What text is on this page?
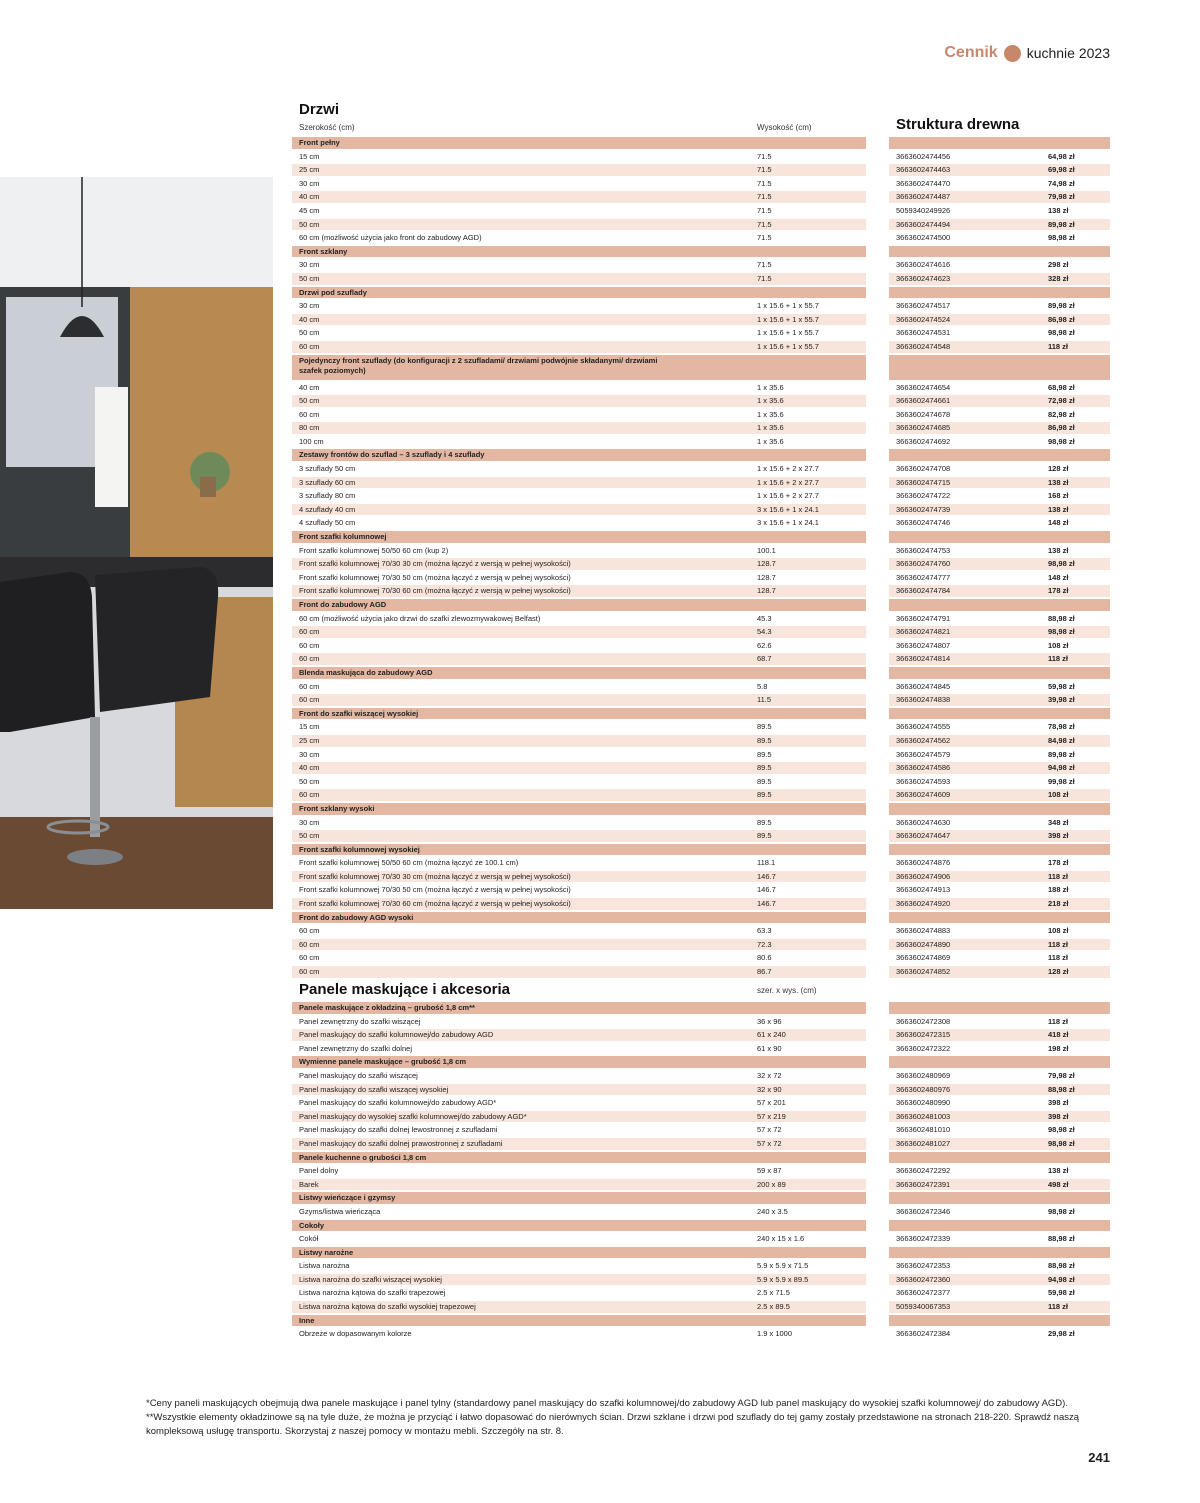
Cennik kuchnie 2023
Drzwi
Szerokość (cm)	Wysokość (cm)	Struktura drewna
Front pełny
15 cm	71.5	3663602474456	64,98 zł
25 cm	71.5	3663602474463	69,98 zł
30 cm	71.5	3663602474470	74,98 zł
40 cm	71.5	3663602474487	79,98 zł
45 cm	71.5	5059340249926	138 zł
50 cm	71.5	3663602474494	89,98 zł
60 cm (możliwość użycia jako front do zabudowy AGD)	71.5	3663602474500	98,98 zł
Front szklany
30 cm	71.5	3663602474616	298 zł
50 cm	71.5	3663602474623	328 zł
Drzwi pod szuflady
30 cm	1 x 15.6 + 1 x 55.7	3663602474517	89,98 zł
40 cm	1 x 15.6 + 1 x 55.7	3663602474524	86,98 zł
50 cm	1 x 15.6 + 1 x 55.7	3663602474531	98,98 zł
60 cm	1 x 15.6 + 1 x 55.7	3663602474548	118 zł
Pojedynczy front szuflady (do konfiguracji z 2 szufladami/ drzwiami podwójnie składanymi/ drzwiami szafek poziomych)
40 cm	1 x 35.6	3663602474654	68,98 zł
50 cm	1 x 35.6	3663602474661	72,98 zł
60 cm	1 x 35.6	3663602474678	82,98 zł
80 cm	1 x 35.6	3663602474685	86,98 zł
100 cm	1 x 35.6	3663602474692	98,98 zł
Zestawy frontów do szuflad – 3 szuflady i 4 szuflady
3 szuflady 50 cm	1 x 15.6 + 2 x 27.7	3663602474708	128 zł
3 szuflady 60 cm	1 x 15.6 + 2 x 27.7	3663602474715	138 zł
3 szuflady 80 cm	1 x 15.6 + 2 x 27.7	3663602474722	168 zł
4 szuflady 40 cm	3 x 15.6 + 1 x 24.1	3663602474739	138 zł
4 szuflady 50 cm	3 x 15.6 + 1 x 24.1	3663602474746	148 zł
Front szafki kolumnowej
Front szafki kolumnowej 50/50 60 cm (kup 2)	100.1	3663602474753	138 zł
Front szafki kolumnowej 70/30 30 cm (można łączyć z wersją w pełnej wysokości)	128.7	3663602474760	98,98 zł
Front szafki kolumnowej 70/30 50 cm (można łączyć z wersją w pełnej wysokości)	128.7	3663602474777	148 zł
Front szafki kolumnowej 70/30 60 cm (można łączyć z wersją w pełnej wysokości)	128.7	3663602474784	178 zł
Front do zabudowy AGD
60 cm (możliwość użycia jako drzwi do szafki zlewozmywakowej Belfast)	45.3	3663602474791	88,98 zł
60 cm	54.3	3663602474821	98,98 zł
60 cm	62.6	3663602474807	108 zł
60 cm	68.7	3663602474814	118 zł
Blenda maskująca do zabudowy AGD
60 cm	5.8	3663602474845	59,98 zł
60 cm	11.5	3663602474838	39,98 zł
Front do szafki wiszącej wysokiej
15 cm	89.5	3663602474555	78,98 zł
25 cm	89.5	3663602474562	84,98 zł
30 cm	89.5	3663602474579	89,98 zł
40 cm	89.5	3663602474586	94,98 zł
50 cm	89.5	3663602474593	99,98 zł
60 cm	89.5	3663602474609	108 zł
Front szklany wysoki
30 cm	89.5	3663602474630	348 zł
50 cm	89.5	3663602474647	398 zł
Front szafki kolumnowej wysokiej
Front szafki kolumnowej 50/50 60 cm (można łączyć ze 100.1 cm)	118.1	3663602474876	178 zł
Front szafki kolumnowej 70/30 30 cm (można łączyć z wersją w pełnej wysokości)	146.7	3663602474906	118 zł
Front szafki kolumnowej 70/30 50 cm (można łączyć z wersją w pełnej wysokości)	146.7	3663602474913	188 zł
Front szafki kolumnowej 70/30 60 cm (można łączyć z wersją w pełnej wysokości)	146.7	3663602474920	218 zł
Front do zabudowy AGD wysoki
60 cm	63.3	3663602474883	108 zł
60 cm	72.3	3663602474890	118 zł
60 cm	80.6	3663602474869	118 zł
60 cm	86.7	3663602474852	128 zł
Panele maskujące i akcesoria	szer. x wys. (cm)
Panele maskujące z okładziną – grubość 1,8 cm**
Panel zewnętrzny do szafki wiszącej	36 x 96	3663602472308	118 zł
Panel maskujący do szafki kolumnowej/do zabudowy AGD	61 x 240	3663602472315	418 zł
Panel zewnętrzny do szafki dolnej	61 x 90	3663602472322	198 zł
Wymienne panele maskujące – grubość 1,8 cm
Panel maskujący do szafki wiszącej	32 x 72	3663602480969	79,98 zł
Panel maskujący do szafki wiszącej wysokiej	32 x 90	3663602480976	88,98 zł
Panel maskujący do szafki kolumnowej/do zabudowy AGD*	57 x 201	3663602480990	398 zł
Panel maskujący do wysokiej szafki kolumnowej/do zabudowy AGD*	57 x 219	3663602481003	398 zł
Panel maskujący do szafki dolnej lewostronnej z szufladami	57 x 72	3663602481010	98,98 zł
Panel maskujący do szafki dolnej prawostronnej z szufladami	57 x 72	3663602481027	98,98 zł
Panele kuchenne o grubości 1,8 cm
Panel dolny	59 x 87	3663602472292	138 zł
Barek	200 x 89	3663602472391	498 zł
Listwy wieńczące i gzymsy
Gzyms/listwa wieńcząca	240 x 3.5	3663602472346	98,98 zł
Cokoły
Cokół	240 x 15 x 1.6	3663602472339	88,98 zł
Listwy narożne
Listwa narożna	5.9 x 5.9 x 71.5	3663602472353	88,98 zł
Listwa narożna do szafki wiszącej wysokiej	5.9 x 5.9 x 89.5	3663602472360	94,98 zł
Listwa narożna kątowa do szafki trapezowej	2.5 x 71.5	3663602472377	59,98 zł
Listwa narożna kątowa do szafki wysokiej trapezowej	2.5 x 89.5	5059340067353	118 zł
Inne
Obrzeże w dopasowanym kolorze	1.9 x 1000	3663602472384	29,98 zł
*Ceny paneli maskujących obejmują dwa panele maskujące i panel tylny (standardowy panel maskujący do szafki kolumnowej/do zabudowy AGD lub panel maskujący do wysokiej szafki kolumnowej/ do zabudowy AGD). **Wszystkie elementy okładzinowe są na tyle duże, że można je przyciąć i łatwo dopasować do nierównych ścian. Drzwi szklane i drzwi pod szuflady do tej gamy zostały przedstawione na stronach 218-220. Sprawdź naszą kompleksową usługę transportu. Skorzystaj z naszej pomocy w montażu mebli. Szczegóły na str. 8.
241
